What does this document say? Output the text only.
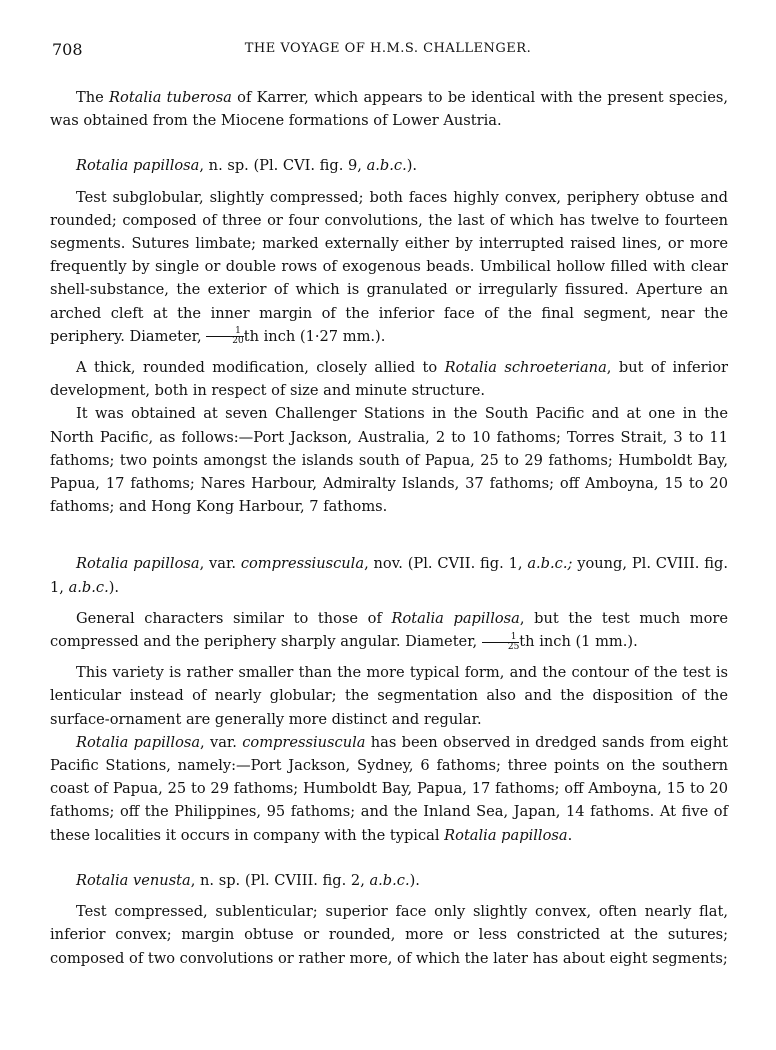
708	THE VOYAGE OF H.M.S. CHALLENGER.

The Rotalia tuberosa of Karrer, which appears to be identical with the present species, was obtained from the Miocene formations of Lower Austria.

Rotalia papillosa, n. sp. (Pl. CVI. fig. 9, a.b.c.).

Test subglobular, slightly compressed; both faces highly convex, periphery obtuse and rounded; composed of three or four convolutions, the last of which has twelve to fourteen segments. Sutures limbate; marked externally either by interrupted raised lines, or more frequently by single or double rows of exogenous beads. Umbilical hollow filled with clear shell-substance, the exterior of which is granulated or irregularly fissured. Aperture an arched cleft at the inner margin of the inferior face of the final segment, near the periphery. Diameter, $\frac{1}{20}$ th inch (1·27 mm.).

A thick, rounded modification, closely allied to Rotalia schroeteriana, but of inferior development, both in respect of size and minute structure.

It was obtained at seven Challenger Stations in the South Pacific and at one in the North Pacific, as follows:—Port Jackson, Australia, 2 to 10 fathoms; Torres Strait, 3 to 11 fathoms; two points amongst the islands south of Papua, 25 to 29 fathoms; Humboldt Bay, Papua, 17 fathoms; Nares Harbour, Admiralty Islands, 37 fathoms; off Amboyna, 15 to 20 fathoms; and Hong Kong Harbour, 7 fathoms.

Rotalia papillosa, var. compressiuscula, nov. (Pl. CVII. fig. 1, a.b.c.; young, Pl. CVIII. fig. 1, a.b.c.).

General characters similar to those of Rotalia papillosa, but the test much more compressed and the periphery sharply angular. Diameter, $\frac{1}{25}$ th inch (1 mm.).

This variety is rather smaller than the more typical form, and the contour of the test is lenticular instead of nearly globular; the segmentation also and the disposition of the surface-ornament are generally more distinct and regular.

Rotalia papillosa, var. compressiuscula has been observed in dredged sands from eight Pacific Stations, namely:—Port Jackson, Sydney, 6 fathoms; three points on the southern coast of Papua, 25 to 29 fathoms; Humboldt Bay, Papua, 17 fathoms; off Amboyna, 15 to 20 fathoms; off the Philippines, 95 fathoms; and the Inland Sea, Japan, 14 fathoms. At five of these localities it occurs in company with the typical Rotalia papillosa.

Rotalia venusta, n. sp. (Pl. CVIII. fig. 2, a.b.c.).

Test compressed, sublenticular; superior face only slightly convex, often nearly flat, inferior convex; margin obtuse or rounded, more or less constricted at the sutures; composed of two convolutions or rather more, of which the later has about eight segments;
